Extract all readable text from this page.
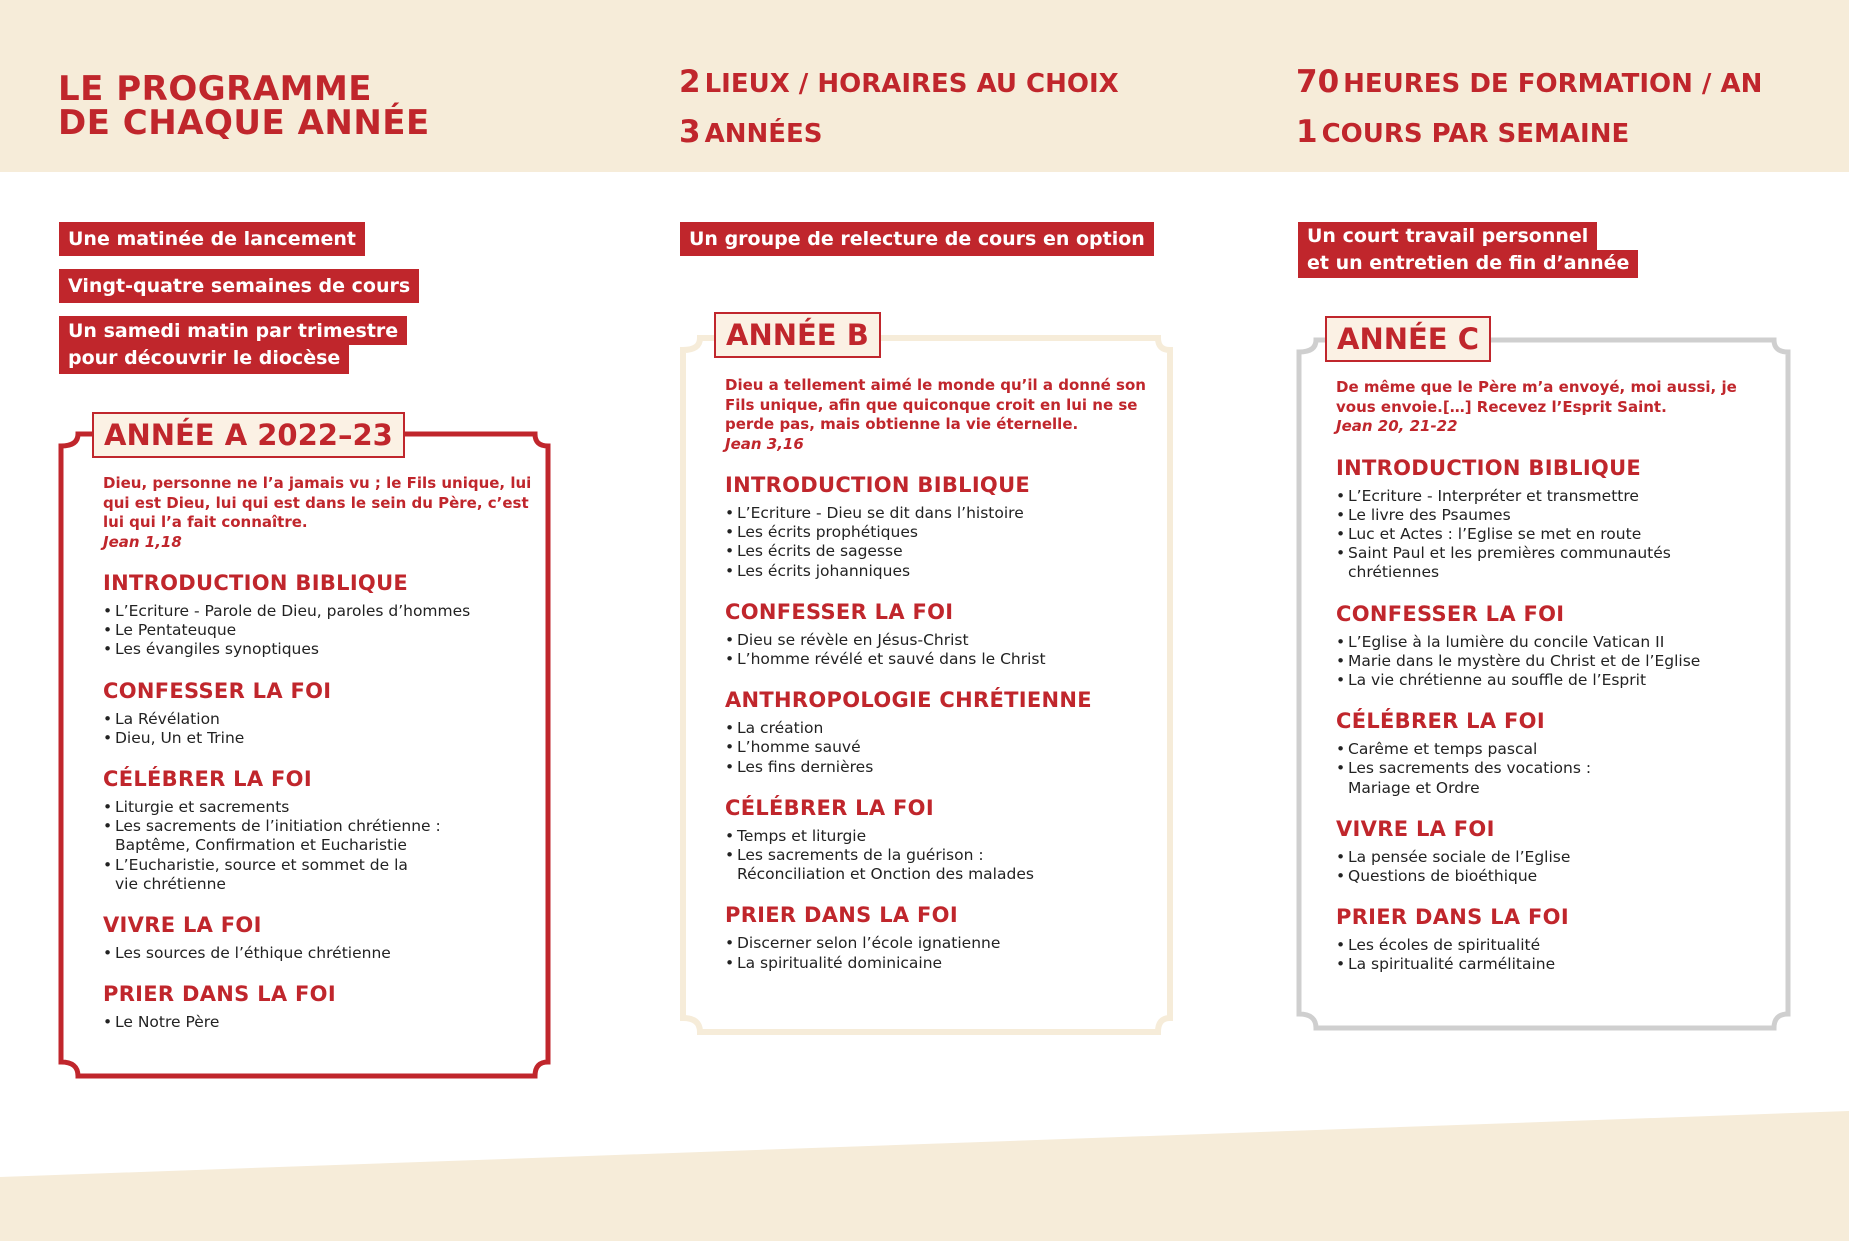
LE PROGRAMME
DE CHAQUE ANNÉE
2 LIEUX / HORAIRES AU CHOIX
3 ANNÉES
70 HEURES DE FORMATION / AN
1 COURS PAR SEMAINE
Une matinée de lancement
Vingt-quatre semaines de cours
Un samedi matin par trimestre
pour découvrir le diocèse
Un groupe de relecture de cours en option	Un court travail personnel
et un entretien de fin d’année
ANNÉE A 2022–23

Dieu, personne ne l’a jamais vu ; le Fils unique, lui qui est Dieu, lui qui est dans le sein du Père, c’est lui qui l’a fait connaître.
Jean 1,18

INTRODUCTION BIBLIQUE
• L’Ecriture - Parole de Dieu, paroles d’hommes
• Le Pentateuque
• Les évangiles synoptiques
CONFESSER LA FOI
• La Révélation
• Dieu, Un et Trine
CÉLÉBRER LA FOI
• Liturgie et sacrements
• Les sacrements de l’initiation chrétienne :
Baptême, Confirmation et Eucharistie
• L’Eucharistie, source et sommet de la
vie chrétienne
VIVRE LA FOI
• Les sources de l’éthique chrétienne
PRIER DANS LA FOI
• Le Notre Père
ANNÉE B

Dieu a tellement aimé le monde qu’il a donné son Fils unique, afin que quiconque croit en lui ne se perde pas, mais obtienne la vie éternelle.
Jean 3,16

INTRODUCTION BIBLIQUE
• L’Ecriture - Dieu se dit dans l’histoire
• Les écrits prophétiques
• Les écrits de sagesse
• Les écrits johanniques
CONFESSER LA FOI
• Dieu se révèle en Jésus-Christ
• L’homme révélé et sauvé dans le Christ
ANTHROPOLOGIE CHRÉTIENNE
• La création
• L’homme sauvé
• Les fins dernières
CÉLÉBRER LA FOI
• Temps et liturgie
• Les sacrements de la guérison :
Réconciliation et Onction des malades
PRIER DANS LA FOI
• Discerner selon l’école ignatienne
• La spiritualité dominicaine
ANNÉE C

De même que le Père m’a envoyé, moi aussi, je vous envoie.[…] Recevez l’Esprit Saint.
Jean 20, 21-22

INTRODUCTION BIBLIQUE
• L’Ecriture - Interpréter et transmettre
• Le livre des Psaumes
• Luc et Actes : l’Eglise se met en route
• Saint Paul et les premières communautés
chrétiennes
CONFESSER LA FOI
• L’Eglise à la lumière du concile Vatican II
• Marie dans le mystère du Christ et de l’Eglise
• La vie chrétienne au souffle de l’Esprit
CÉLÉBRER LA FOI
• Carême et temps pascal
• Les sacrements des vocations :
Mariage et Ordre
VIVRE LA FOI
• La pensée sociale de l’Eglise
• Questions de bioéthique
PRIER DANS LA FOI
• Les écoles de spiritualité
• La spiritualité carmélitaine
